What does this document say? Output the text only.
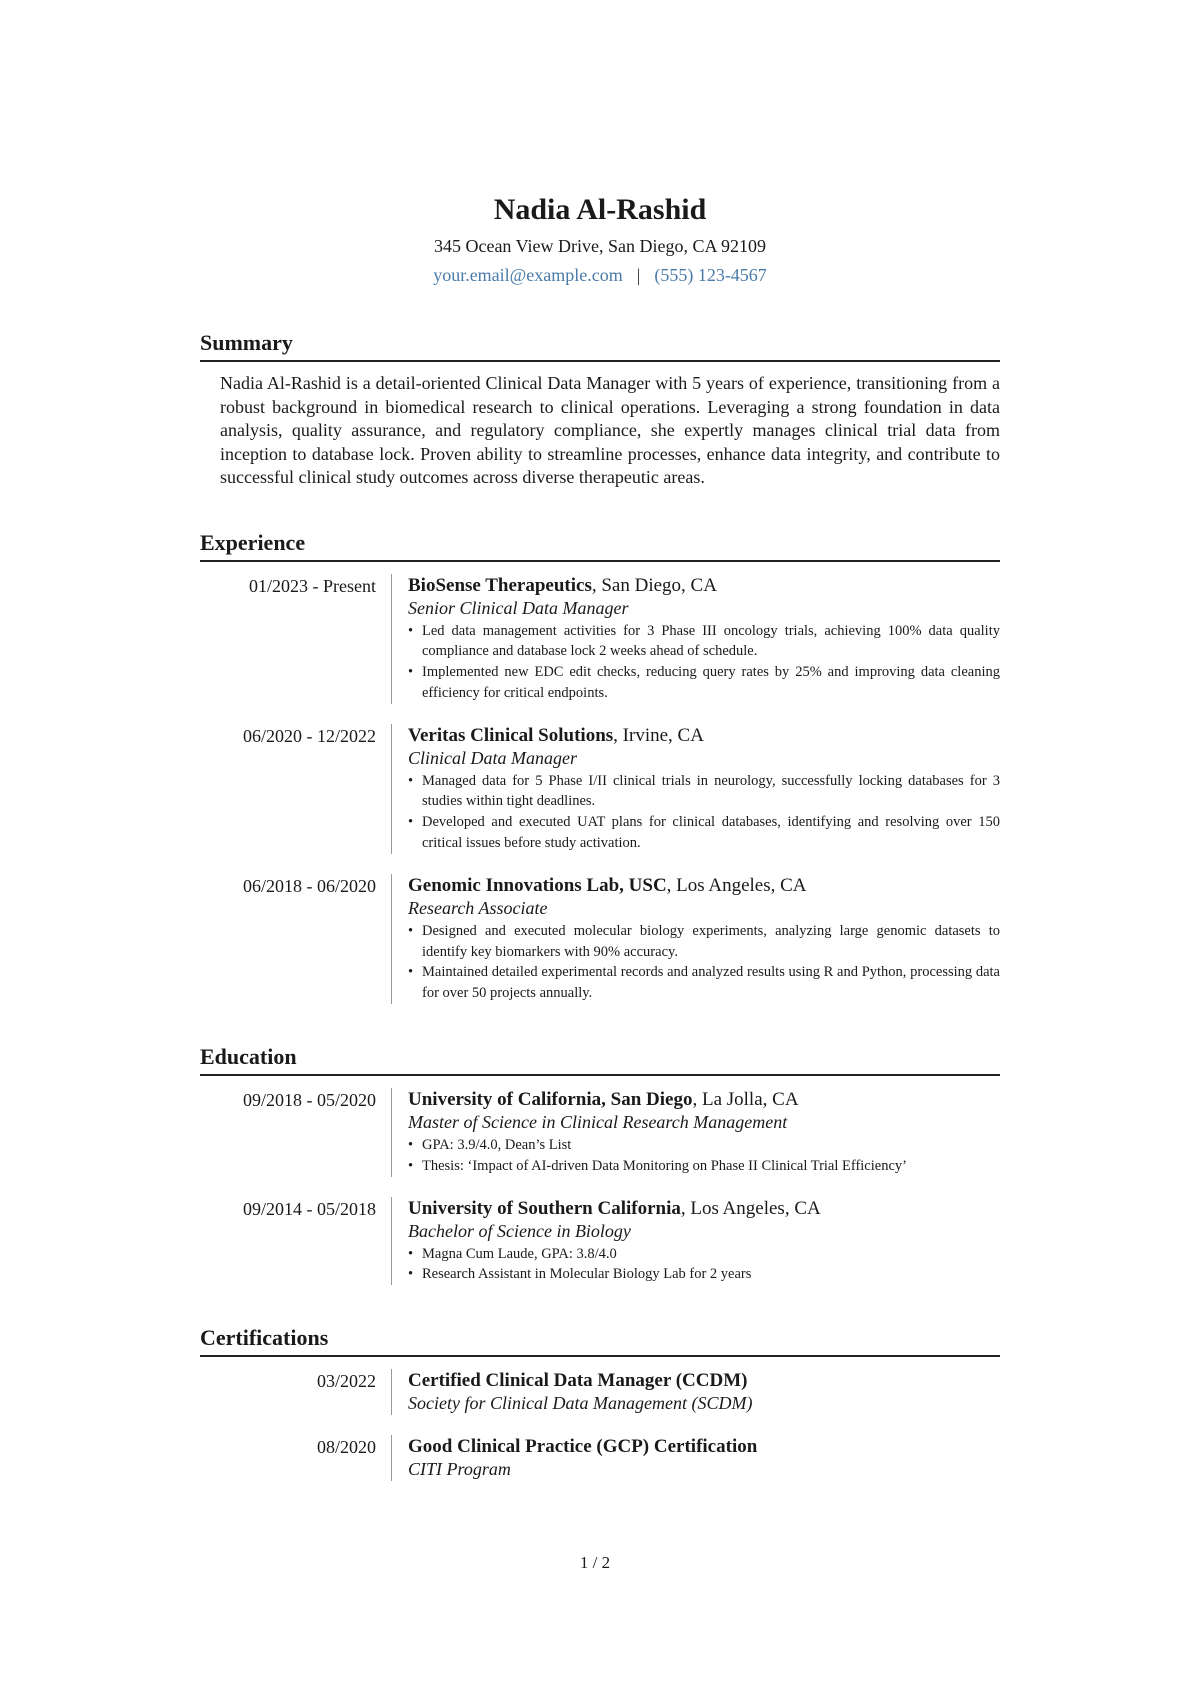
Nadia Al-Rashid
345 Ocean View Drive, San Diego, CA 92109
your.email@example.com | (555) 123-4567
Summary
Nadia Al-Rashid is a detail-oriented Clinical Data Manager with 5 years of experience, transitioning from a robust background in biomedical research to clinical operations. Leveraging a strong foundation in data analysis, quality assurance, and regulatory compliance, she expertly manages clinical trial data from inception to database lock. Proven ability to streamline processes, enhance data integrity, and contribute to successful clinical study outcomes across diverse therapeutic areas.
Experience
01/2023 - Present	BioSense Therapeutics, San Diego, CA
Senior Clinical Data Manager
• Led data management activities for 3 Phase III oncology trials, achieving 100% data quality compliance and database lock 2 weeks ahead of schedule.
• Implemented new EDC edit checks, reducing query rates by 25% and improving data cleaning efficiency for critical endpoints.
06/2020 - 12/2022	Veritas Clinical Solutions, Irvine, CA
Clinical Data Manager
• Managed data for 5 Phase I/II clinical trials in neurology, successfully locking databases for 3 studies within tight deadlines.
• Developed and executed UAT plans for clinical databases, identifying and resolving over 150 critical issues before study activation.
06/2018 - 06/2020	Genomic Innovations Lab, USC, Los Angeles, CA
Research Associate
• Designed and executed molecular biology experiments, analyzing large genomic datasets to identify key biomarkers with 90% accuracy.
• Maintained detailed experimental records and analyzed results using R and Python, processing data for over 50 projects annually.
Education
09/2018 - 05/2020	University of California, San Diego, La Jolla, CA
Master of Science in Clinical Research Management
• GPA: 3.9/4.0, Dean’s List
• Thesis: ‘Impact of AI-driven Data Monitoring on Phase II Clinical Trial Efficiency’
09/2014 - 05/2018	University of Southern California, Los Angeles, CA
Bachelor of Science in Biology
• Magna Cum Laude, GPA: 3.8/4.0
• Research Assistant in Molecular Biology Lab for 2 years
Certifications
03/2022	Certified Clinical Data Manager (CCDM)
Society for Clinical Data Management (SCDM)
08/2020	Good Clinical Practice (GCP) Certification
CITI Program
1 / 2
